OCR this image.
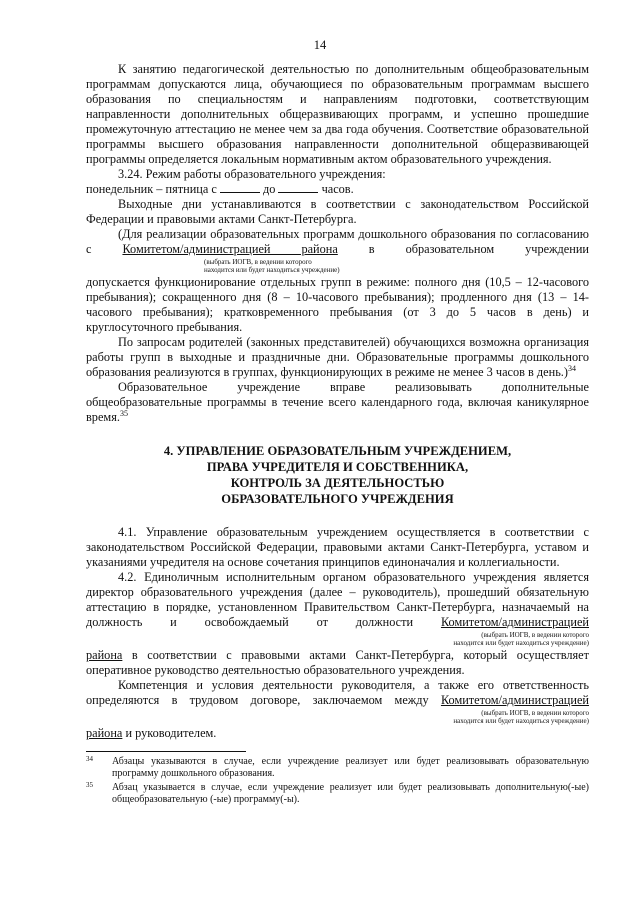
14

К занятию педагогической деятельностью по дополнительным общеобразовательным программам допускаются лица, обучающиеся по образовательным программам высшего образования по специальностям и направлениям подготовки, соответствующим направленности дополнительных общеразвивающих программ, и успешно прошедшие промежуточную аттестацию не менее чем за два года обучения. Соответствие образовательной программы высшего образования направленности дополнительной общеразвивающей программы определяется локальным нормативным актом образовательного учреждения.

3.24. Режим работы образовательного учреждения:

понедельник – пятница с	до	часов.

Выходные дни устанавливаются в соответствии с законодательством Российской Федерации и правовыми актами Санкт-Петербурга.

(Для реализации образовательных программ дошкольного образования по согласованию с	Комитетом/администрацией района	в образовательном учреждении

(выбрать ИОГВ, в ведении которого
находится или будет находиться учреждение)

допускается функционирование отдельных групп в режиме: полного дня (10,5 – 12-часового пребывания); сокращенного дня (8 – 10-часового пребывания); продленного дня (13 – 14-часового пребывания); кратковременного пребывания (от 3 до 5 часов в день) и круглосуточного пребывания.

По запросам родителей (законных представителей) обучающихся возможна организация работы групп в выходные и праздничные дни. Образовательные программы дошкольного образования реализуются в группах, функционирующих в режиме не менее 3 часов в день.)$^{34}$

Образовательное учреждение вправе реализовывать дополнительные общеобразовательные программы в течение всего календарного года, включая каникулярное время.$^{35}$

4. УПРАВЛЕНИЕ ОБРАЗОВАТЕЛЬНЫМ УЧРЕЖДЕНИЕМ,
ПРАВА УЧРЕДИТЕЛЯ И СОБСТВЕННИКА,
КОНТРОЛЬ ЗА ДЕЯТЕЛЬНОСТЬЮ
ОБРАЗОВАТЕЛЬНОГО УЧРЕЖДЕНИЯ

4.1. Управление образовательным учреждением осуществляется в соответствии с законодательством Российской Федерации, правовыми актами Санкт-Петербурга, уставом и указаниями учредителя на основе сочетания принципов единоначалия и коллегиальности.

4.2. Единоличным исполнительным органом образовательного учреждения является директор образовательного учреждения (далее – руководитель), прошедший обязательную аттестацию в порядке, установленном Правительством Санкт-Петербурга, назначаемый на должность и освобождаемый от должности Комитетом/администрацией

(выбрать ИОГВ, в ведении которого
находится или будет находиться учреждение)

района в соответствии с правовыми актами Санкт-Петербурга, который осуществляет оперативное руководство деятельностью образовательного учреждения.

Компетенция и условия деятельности руководителя, а также его ответственность определяются в трудовом договоре, заключаемом между Комитетом/администрацией

(выбрать ИОГВ, в ведении которого
находится или будет находиться учреждение)

района и руководителем.

34 Абзацы указываются в случае, если учреждение реализует или будет реализовывать образовательную программу дошкольного образования.

35 Абзац указывается в случае, если учреждение реализует или будет реализовывать дополнительную(-ые) общеобразовательную (-ые) программу(-ы).
